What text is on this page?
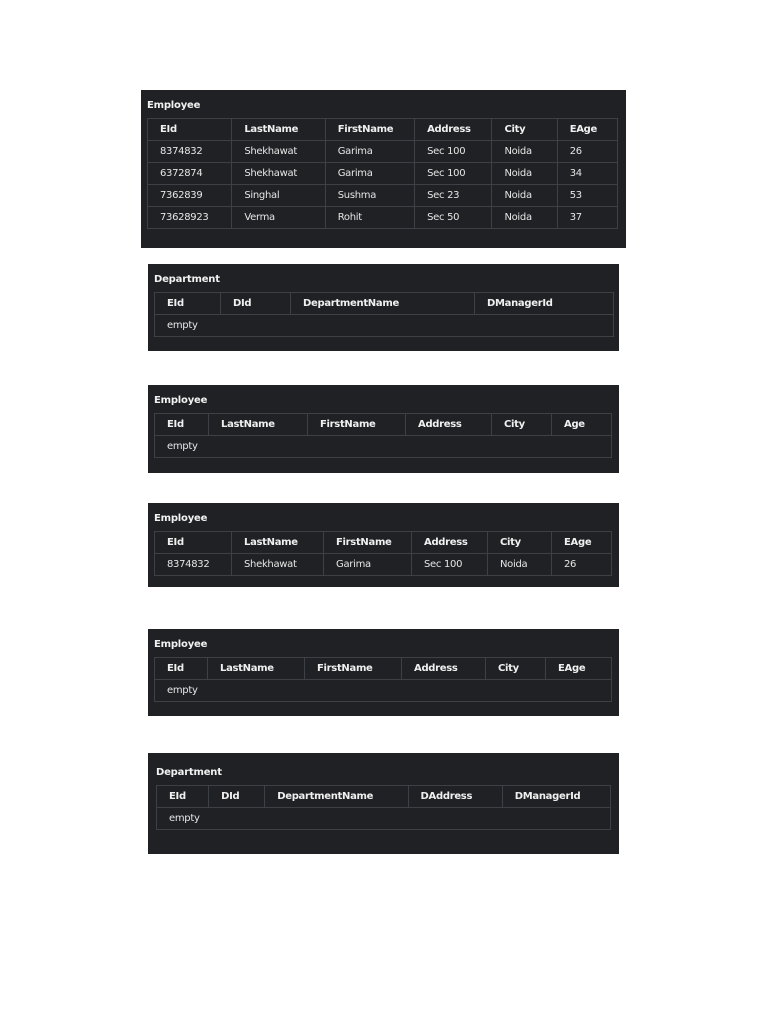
Employee
EId	LastName	FirstName	Address	City	EAge
8374832	Shekhawat	Garima	Sec 100	Noida	26
6372874	Shekhawat	Garima	Sec 100	Noida	34
7362839	Singhal	Sushma	Sec 23	Noida	53
73628923	Verma	Rohit	Sec 50	Noida	37
Department
EId	DId	DepartmentName	DManagerId
empty
Employee
EId	LastName	FirstName	Address	City	Age
empty
Employee
EId	LastName	FirstName	Address	City	EAge
8374832	Shekhawat	Garima	Sec 100	Noida	26
Employee
EId	LastName	FirstName	Address	City	EAge
empty
Department
EId	DId	DepartmentName	DAddress	DManagerId
empty
